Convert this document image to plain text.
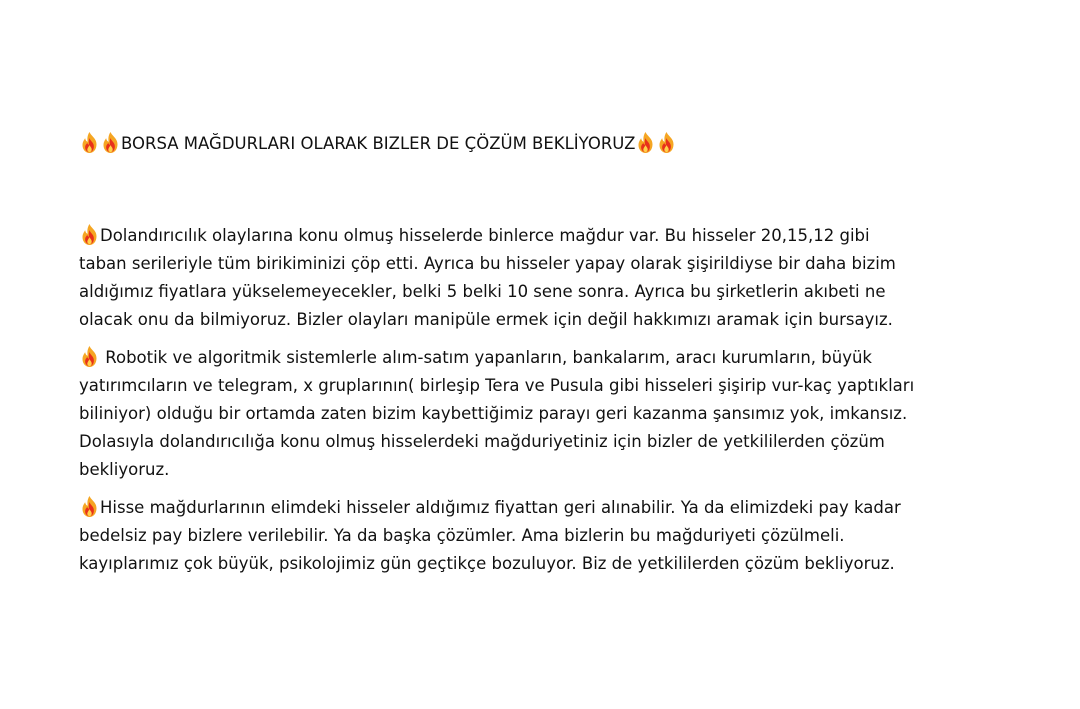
BORSA MAĞDURLARI OLARAK BIZLER DE ÇÖZÜM BEKLİYORUZ
Dolandırıcılık olaylarına konu olmuş hisselerde binlerce mağdur var. Bu hisseler 20,15,12 gibi
taban serileriyle tüm birikiminizi çöp etti. Ayrıca bu hisseler yapay olarak şişirildiyse bir daha bizim
aldığımız fiyatlara yükselemeyecekler, belki 5 belki 10 sene sonra. Ayrıca bu şirketlerin akıbeti ne
olacak onu da bilmiyoruz. Bizler olayları manipüle ermek için değil hakkımızı aramak için bursayız.
Robotik ve algoritmik sistemlerle alım-satım yapanların, bankalarım, aracı kurumların, büyük
yatırımcıların ve telegram, x gruplarının( birleşip Tera ve Pusula gibi hisseleri şişirip vur-kaç yaptıkları
biliniyor) olduğu bir ortamda zaten bizim kaybettiğimiz parayı geri kazanma şansımız yok, imkansız.
Dolasıyla dolandırıcılığa konu olmuş hisselerdeki mağduriyetiniz için bizler de yetkililerden çözüm
bekliyoruz.
Hisse mağdurlarının elimdeki hisseler aldığımız fiyattan geri alınabilir. Ya da elimizdeki pay kadar
bedelsiz pay bizlere verilebilir. Ya da başka çözümler. Ama bizlerin bu mağduriyeti çözülmeli.
kayıplarımız çok büyük, psikolojimiz gün geçtikçe bozuluyor. Biz de yetkililerden çözüm bekliyoruz.
